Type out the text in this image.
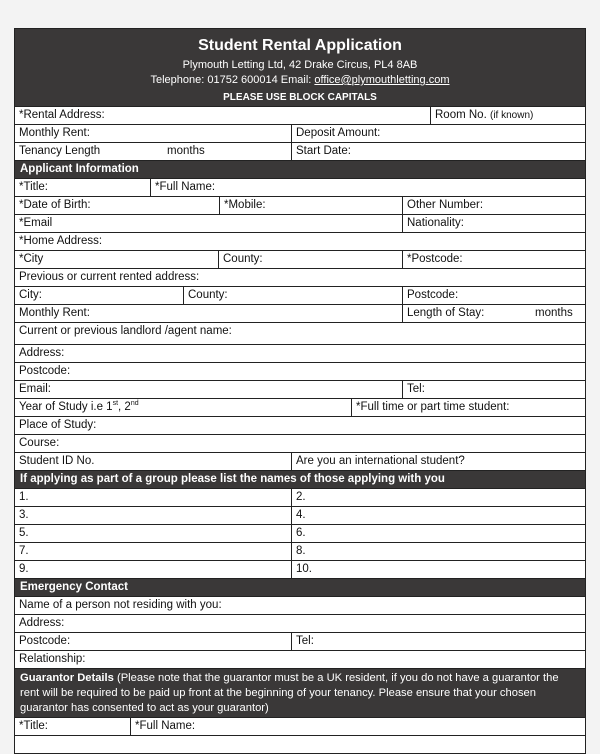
Student Rental Application
Plymouth Letting Ltd, 42 Drake Circus, PL4 8AB
Telephone: 01752 600014 Email: office@plymouthletting.com
PLEASE USE BLOCK CAPITALS
*Rental Address:	Room No. (if known)
Monthly Rent:	Deposit Amount:
Tenancy Length	months	Start Date:
Applicant Information
*Title:	*Full Name:
*Date of Birth:	*Mobile:	Other Number:
*Email	Nationality:
*Home Address:
*City	County:	*Postcode:
Previous or current rented address:
City:	County:	Postcode:
Monthly Rent:	Length of Stay:	months
Current or previous landlord /agent name:
Address:
Postcode:
Email:	Tel:
Year of Study i.e 1st, 2nd	*Full time or part time student:
Place of Study:
Course:
Student ID No.	Are you an international student?
If applying as part of a group please list the names of those applying with you
1.	2.
3.	4.
5.	6.
7.	8.
9.	10.
Emergency Contact
Name of a person not residing with you:
Address:
Postcode:	Tel:
Relationship:
Guarantor Details (Please note that the guarantor must be a UK resident, if you do not have a guarantor the rent will be required to be paid up front at the beginning of your tenancy. Please ensure that your chosen guarantor has consented to act as your guarantor)
*Title:	*Full Name:
